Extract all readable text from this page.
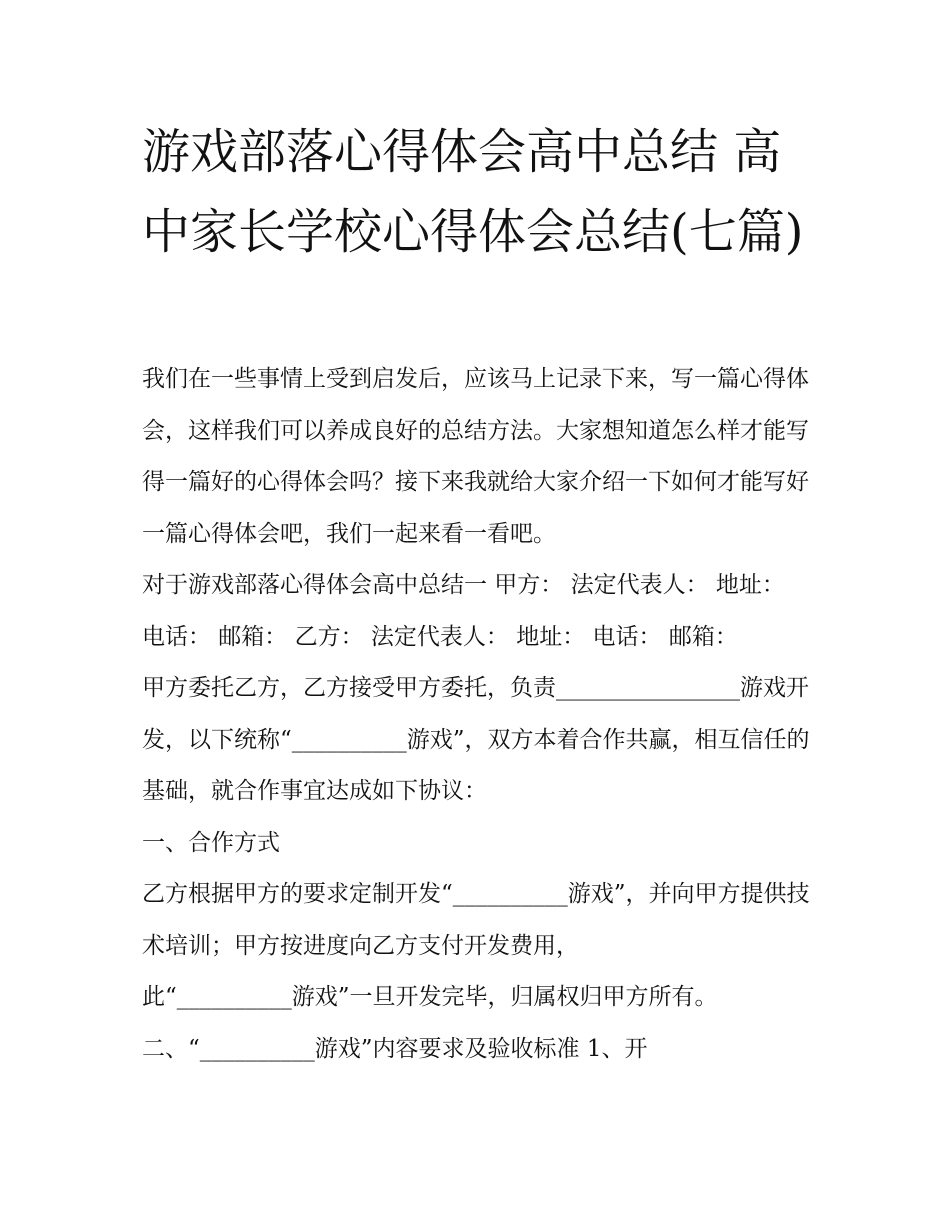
游戏部落心得体会高中总结 高中家长学校心得体会总结(七篇)

我们在一些事情上受到启发后，应该马上记录下来，写一篇心得体会，这样我们可以养成良好的总结方法。大家想知道怎么样才能写得一篇好的心得体会吗？接下来我就给大家介绍一下如何才能写好一篇心得体会吧，我们一起来看一看吧。

对于游戏部落心得体会高中总结一 甲方： 法定代表人： 地址： 电话： 邮箱： 乙方： 法定代表人： 地址： 电话： 邮箱：

甲方委托乙方，乙方接受甲方委托，负责________________游戏开发，以下统称“__________游戏”，双方本着合作共赢，相互信任的基础，就合作事宜达成如下协议：

一、合作方式

乙方根据甲方的要求定制开发“__________游戏”，并向甲方提供技术培训；甲方按进度向乙方支付开发费用，

此“__________游戏”一旦开发完毕，归属权归甲方所有。

二、“__________游戏”内容要求及验收标准 1、开
